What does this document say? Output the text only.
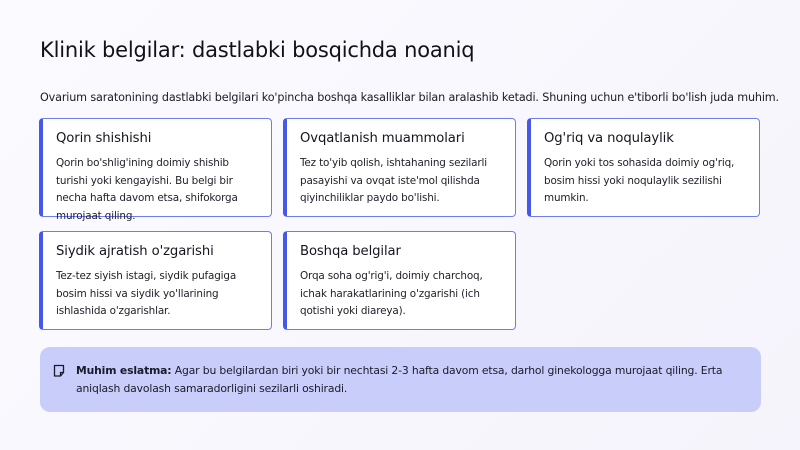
Klinik belgilar: dastlabki bosqichda noaniq
Ovarium saratonining dastlabki belgilari ko'pincha boshqa kasalliklar bilan aralashib ketadi. Shuning uchun e'tiborli bo'lish juda muhim.
Qorin shishishi

Qorin bo'shlig'ining doimiy shishib turishi yoki kengayishi. Bu belgi bir necha hafta davom etsa, shifokorga murojaat qiling.

Ovqatlanish muammolari

Tez to'yib qolish, ishtahaning sezilarli pasayishi va ovqat iste'mol qilishda qiyinchiliklar paydo bo'lishi.

Og'riq va noqulaylik

Qorin yoki tos sohasida doimiy og'riq, bosim hissi yoki noqulaylik sezilishi mumkin.

Siydik ajratish o'zgarishi

Tez-tez siyish istagi, siydik pufagiga bosim hissi va siydik yo'llarining ishlashida o'zgarishlar.

Boshqa belgilar

Orqa soha og'rig'i, doimiy charchoq, ichak harakatlarining o'zgarishi (ich qotishi yoki diareya).

Muhim eslatma: Agar bu belgilardan biri yoki bir nechtasi 2-3 hafta davom etsa, darhol ginekologga murojaat qiling. Erta aniqlash davolash samaradorligini sezilarli oshiradi.
